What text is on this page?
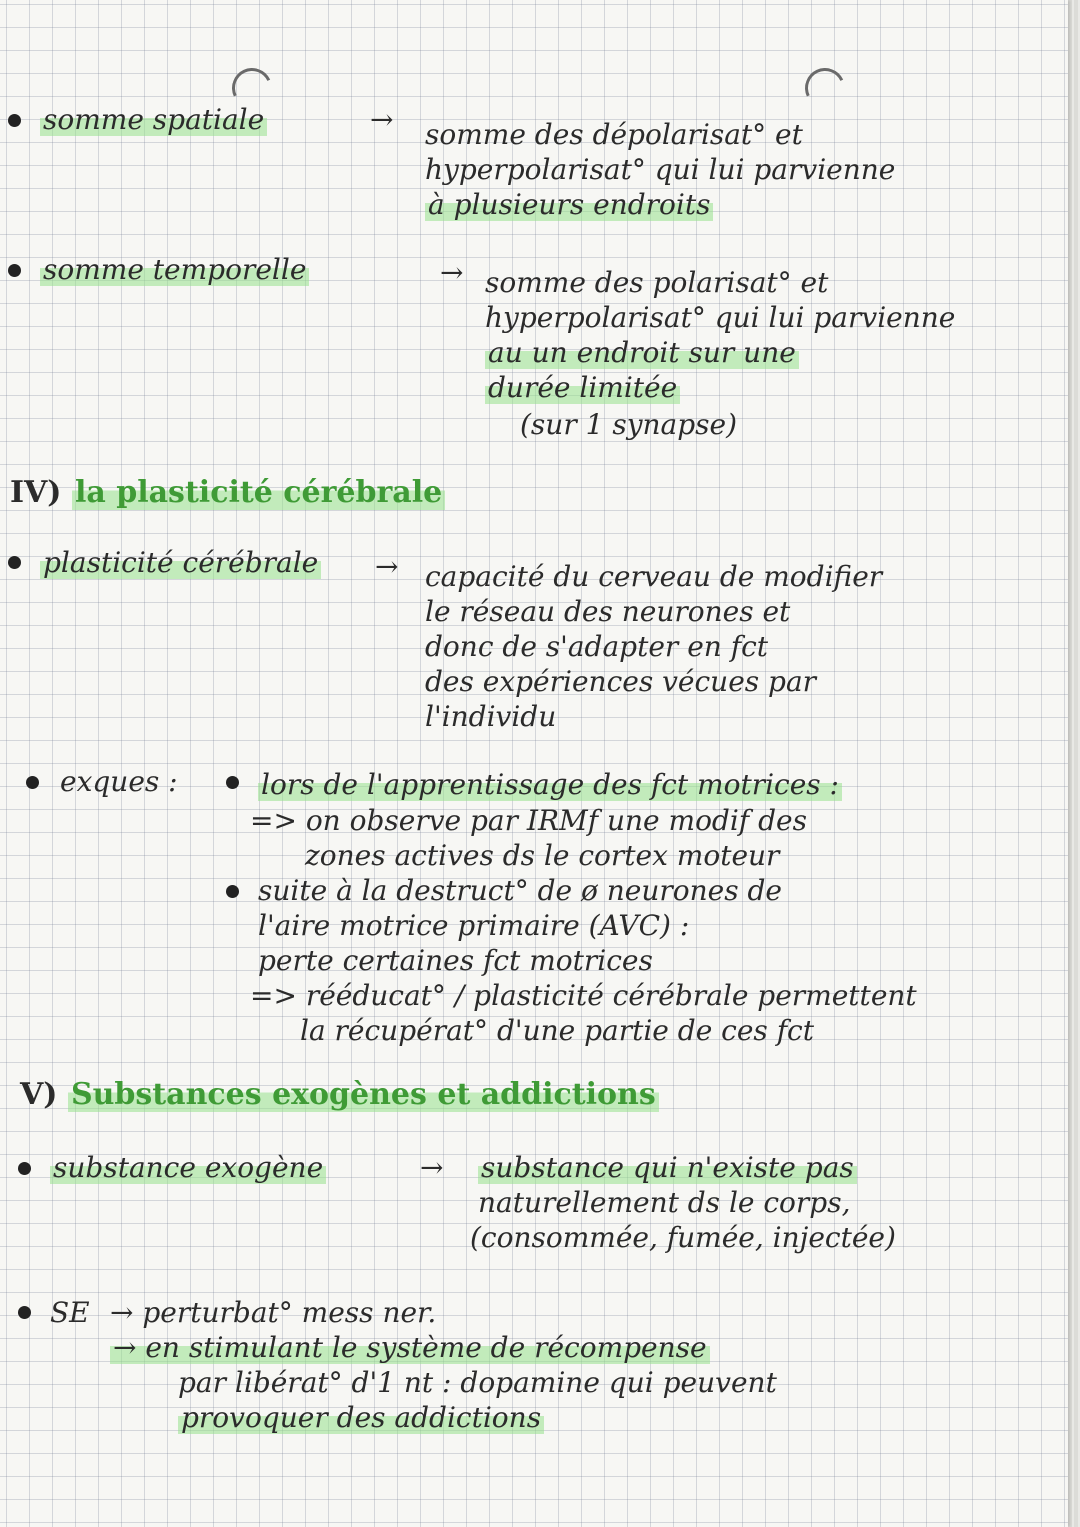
somme spatiale	→ somme des dépolarisat° et
hyperpolarisat° qui lui parvienne
à plusieurs endroits
somme temporelle	→ somme des polarisat° et
hyperpolarisat° qui lui parvienne
au un endroit sur une
durée limitée
(sur 1 synapse)
IV) la plasticité cérébrale
plasticité cérébrale → capacité du cerveau de modifier
le réseau des neurones et
donc de s'adapter en fct
des expériences vécues par
l'individu
exques :	lors de l'apprentissage des fct motrices :
=> on observe par IRMf une modif des
zones actives ds le cortex moteur
suite à la destruct° de ø neurones de
l'aire motrice primaire (AVC) :
perte certaines fct motrices
=> rééducat° / plasticité cérébrale permettent
la récupérat° d'une partie de ces fct
V) Substances exogènes et addictions
substance exogène	→ substance qui n'existe pas
naturellement ds le corps,
(consommée, fumée, injectée)
SE → perturbat° mess ner.
→ en stimulant le système de récompense
par libérat° d'1 nt : dopamine qui peuvent
provoquer des addictions
